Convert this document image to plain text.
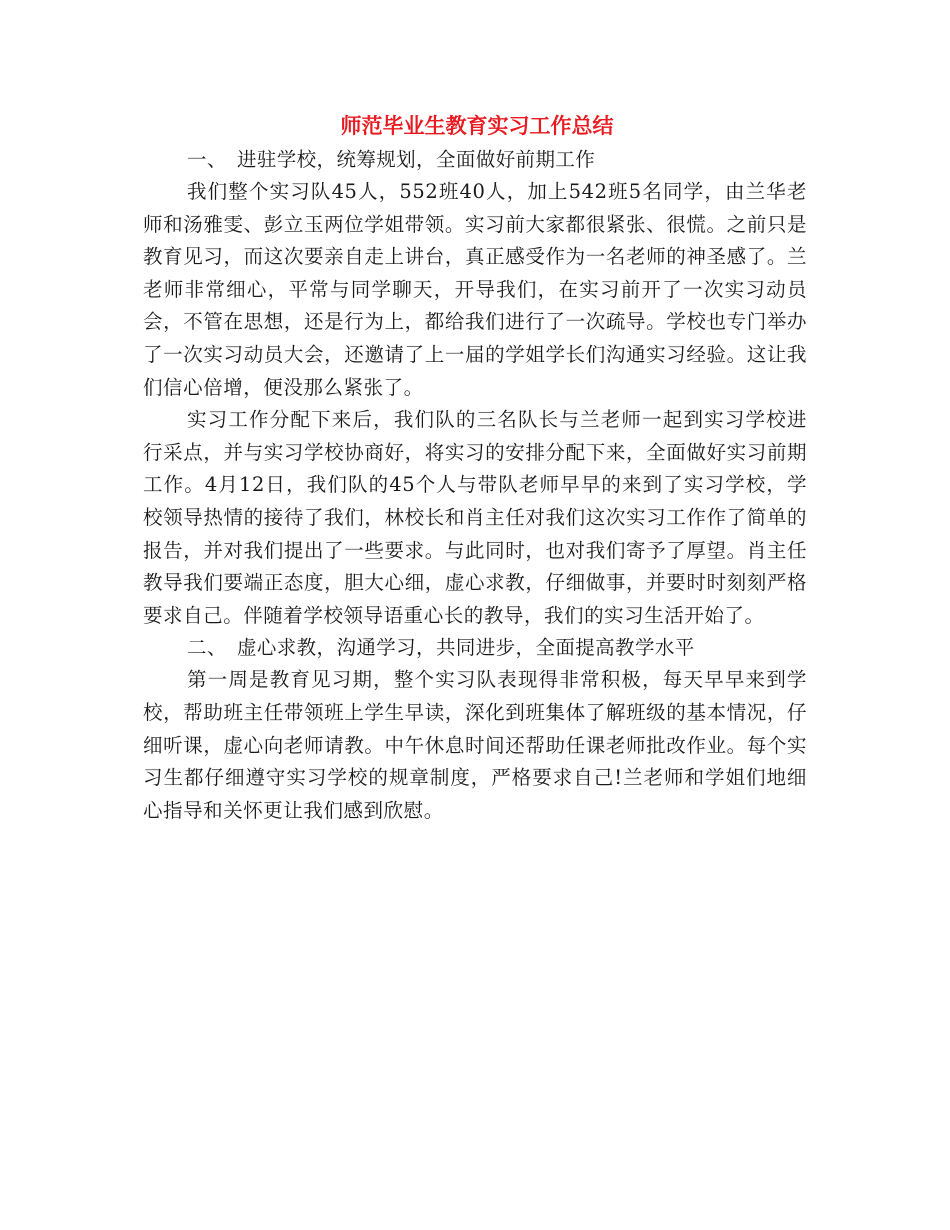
师范毕业生教育实习工作总结

一、　进驻学校，统筹规划，全面做好前期工作

我们整个实习队45人，552班40人，加上542班5名同学，由兰华老师和汤雅雯、彭立玉两位学姐带领。实习前大家都很紧张、很慌。之前只是教育见习，而这次要亲自走上讲台，真正感受作为一名老师的神圣感了。兰老师非常细心，平常与同学聊天，开导我们，在实习前开了一次实习动员会，不管在思想，还是行为上，都给我们进行了一次疏导。学校也专门举办了一次实习动员大会，还邀请了上一届的学姐学长们沟通实习经验。这让我们信心倍增，便没那么紧张了。

实习工作分配下来后，我们队的三名队长与兰老师一起到实习学校进行采点，并与实习学校协商好，将实习的安排分配下来，全面做好实习前期工作。4月12日，我们队的45个人与带队老师早早的来到了实习学校，学校领导热情的接待了我们，林校长和肖主任对我们这次实习工作作了简单的报告，并对我们提出了一些要求。与此同时，也对我们寄予了厚望。肖主任教导我们要端正态度，胆大心细，虚心求教，仔细做事，并要时时刻刻严格要求自己。伴随着学校领导语重心长的教导，我们的实习生活开始了。

二、　虚心求教，沟通学习，共同进步，全面提高教学水平

第一周是教育见习期，整个实习队表现得非常积极，每天早早来到学校，帮助班主任带领班上学生早读，深化到班集体了解班级的基本情况，仔细听课，虚心向老师请教。中午休息时间还帮助任课老师批改作业。每个实习生都仔细遵守实习学校的规章制度，严格要求自己!兰老师和学姐们地细心指导和关怀更让我们感到欣慰。
